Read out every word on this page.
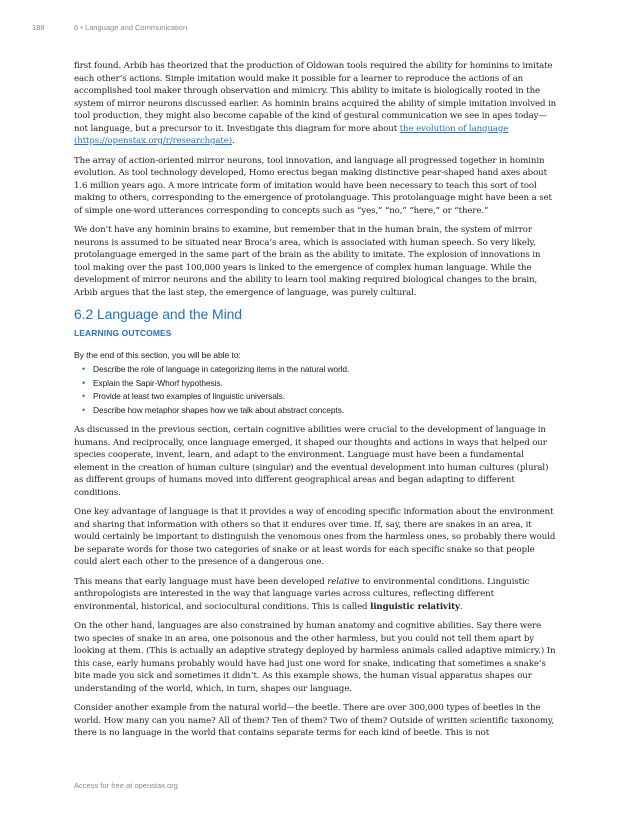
188	6 • Language and Communication

first found. Arbib has theorized that the production of Oldowan tools required the ability for hominins to imitate each other’s actions. Simple imitation would make it possible for a learner to reproduce the actions of an accomplished tool maker through observation and mimicry. This ability to imitate is biologically rooted in the system of mirror neurons discussed earlier. As hominin brains acquired the ability of simple imitation involved in tool production, they might also become capable of the kind of gestural communication we see in apes today—not language, but a precursor to it. Investigate this diagram for more about the evolution of language (https://openstax.org/r/researchgate).

The array of action-oriented mirror neurons, tool innovation, and language all progressed together in hominin evolution. As tool technology developed, Homo erectus began making distinctive pear-shaped hand axes about 1.6 million years ago. A more intricate form of imitation would have been necessary to teach this sort of tool making to others, corresponding to the emergence of protolanguage. This protolanguage might have been a set of simple one-word utterances corresponding to concepts such as “yes,” “no,” “here,” or “there.”

We don’t have any hominin brains to examine, but remember that in the human brain, the system of mirror neurons is assumed to be situated near Broca’s area, which is associated with human speech. So very likely, protolanguage emerged in the same part of the brain as the ability to imitate. The explosion of innovations in tool making over the past 100,000 years is linked to the emergence of complex human language. While the development of mirror neurons and the ability to learn tool making required biological changes to the brain, Arbib argues that the last step, the emergence of language, was purely cultural.

6.2 Language and the Mind
LEARNING OUTCOMES
By the end of this section, you will be able to:
• Describe the role of language in categorizing items in the natural world.
• Explain the Sapir-Whorf hypothesis.
• Provide at least two examples of linguistic universals.
• Describe how metaphor shapes how we talk about abstract concepts.

As discussed in the previous section, certain cognitive abilities were crucial to the development of language in humans. And reciprocally, once language emerged, it shaped our thoughts and actions in ways that helped our species cooperate, invent, learn, and adapt to the environment. Language must have been a fundamental element in the creation of human culture (singular) and the eventual development into human cultures (plural) as different groups of humans moved into different geographical areas and began adapting to different conditions.

One key advantage of language is that it provides a way of encoding specific information about the environment and sharing that information with others so that it endures over time. If, say, there are snakes in an area, it would certainly be important to distinguish the venomous ones from the harmless ones, so probably there would be separate words for those two categories of snake or at least words for each specific snake so that people could alert each other to the presence of a dangerous one.

This means that early language must have been developed relative to environmental conditions. Linguistic anthropologists are interested in the way that language varies across cultures, reflecting different environmental, historical, and sociocultural conditions. This is called linguistic relativity.

On the other hand, languages are also constrained by human anatomy and cognitive abilities. Say there were two species of snake in an area, one poisonous and the other harmless, but you could not tell them apart by looking at them. (This is actually an adaptive strategy deployed by harmless animals called adaptive mimicry.) In this case, early humans probably would have had just one word for snake, indicating that sometimes a snake’s bite made you sick and sometimes it didn’t. As this example shows, the human visual apparatus shapes our understanding of the world, which, in turn, shapes our language.

Consider another example from the natural world—the beetle. There are over 300,000 types of beetles in the world. How many can you name? All of them? Ten of them? Two of them? Outside of written scientific taxonomy, there is no language in the world that contains separate terms for each kind of beetle. This is not

Access for free at openstax.org
